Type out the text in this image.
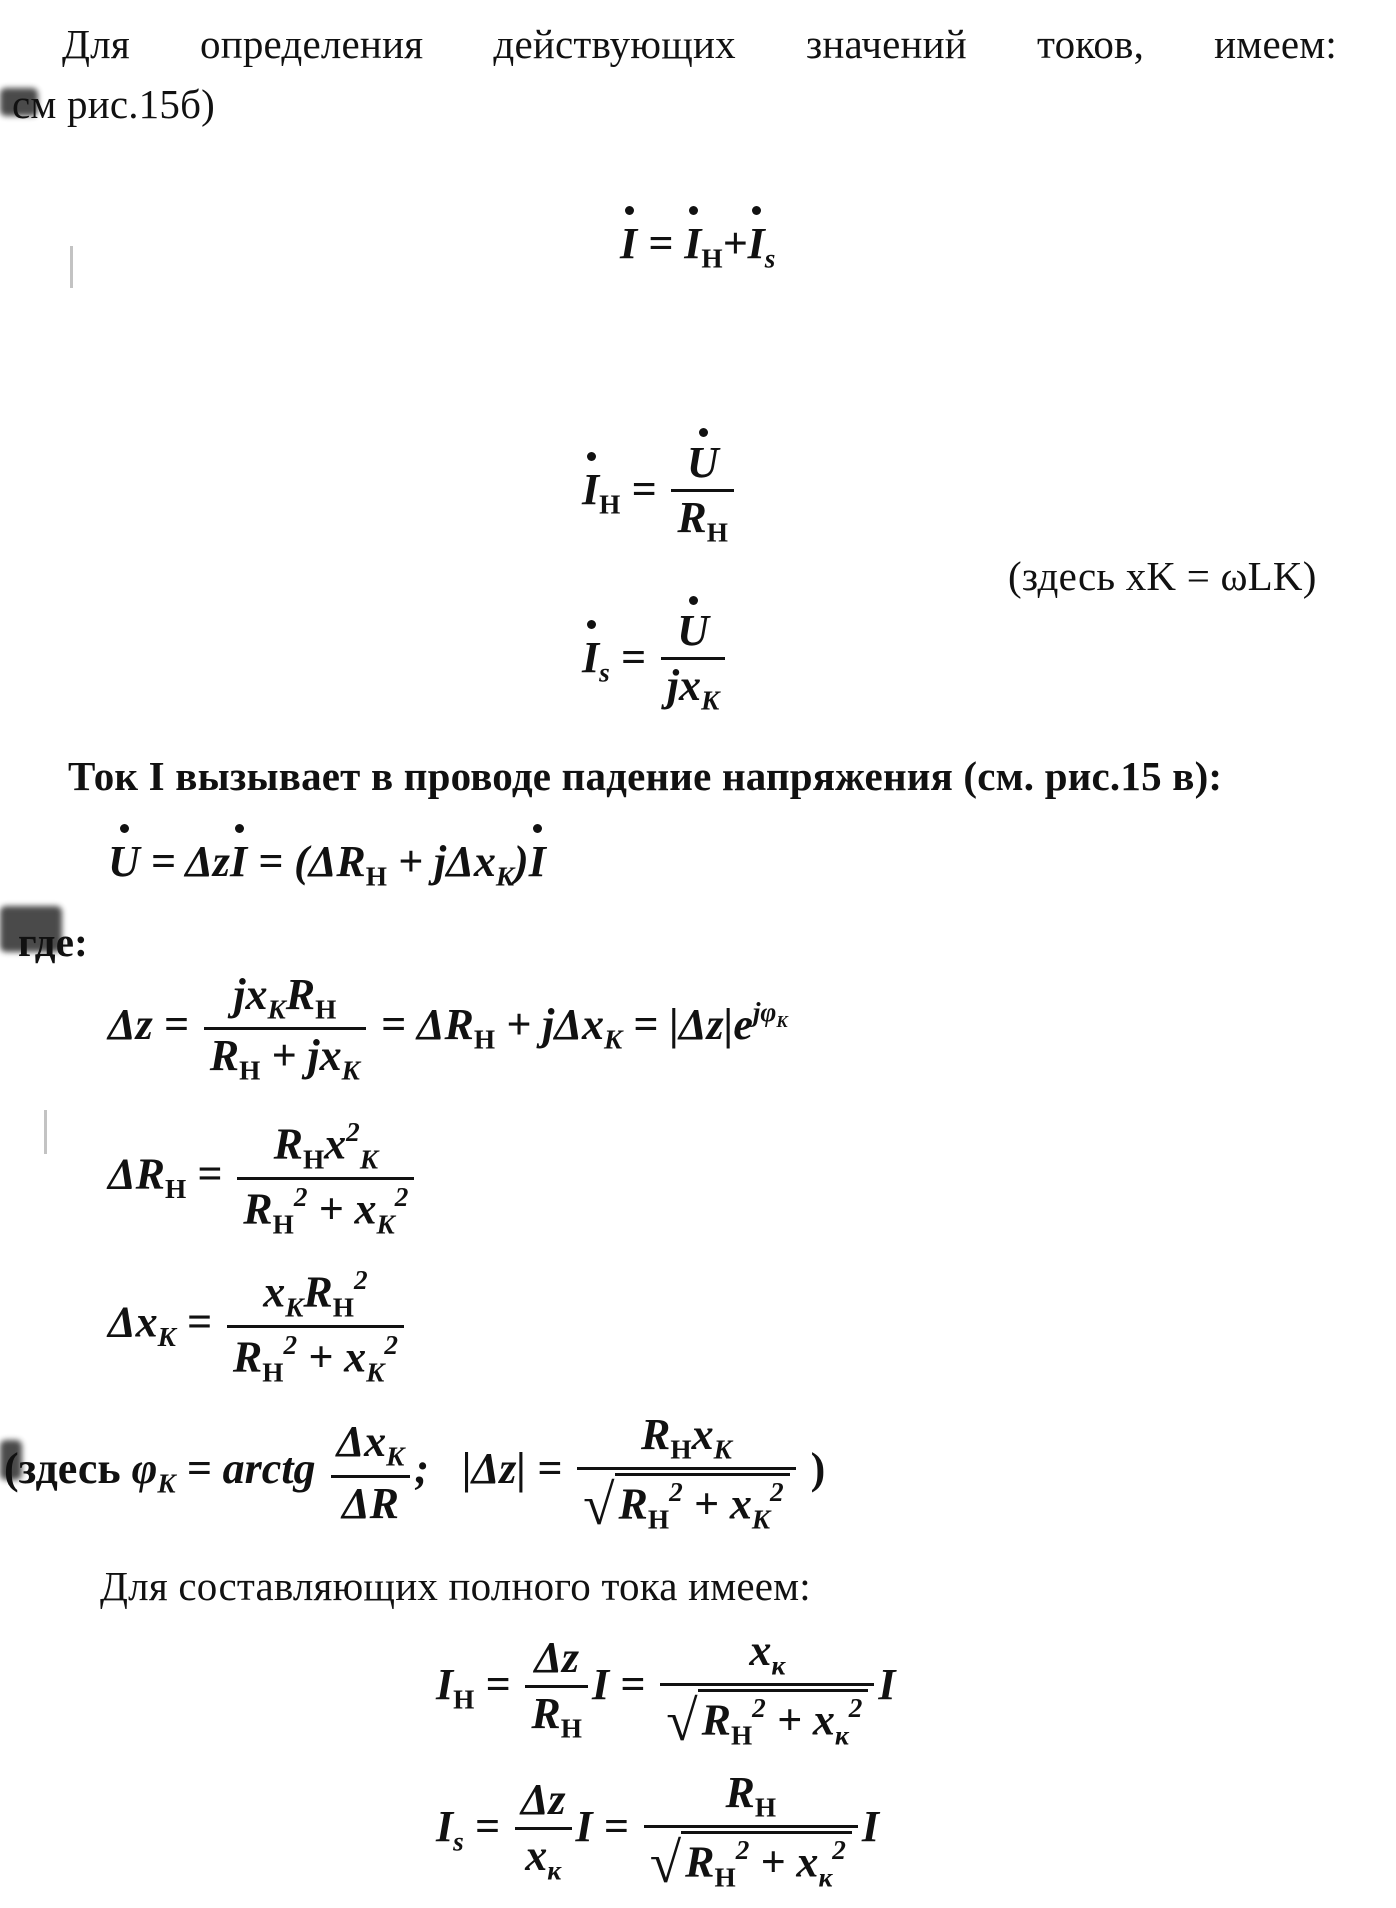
Для определения действующих значений токов, имеем:
см рис.15б)
$I = I_Н+I_s$
$I_Н = \frac{U}{R_Н}$
(здесь xK = ωLK)
$I_s = \frac{U}{jx_K}$
Ток I вызывает в проводе падение напряжения (см. рис.15 в):
$U = \Delta zI = (\Delta R_Н + j\Delta x_K)I$
где:
$\Delta z = \frac{jx_KR_Н}{R_Н + jx_K} = \Delta R_Н + j\Delta x_K = |\Delta z|e^{j\varphi_K}$
$\Delta R_Н = \frac{R_Нx^2_K}{R_Н^2 + x_K^2}$
$\Delta x_K = \frac{x_KR_Н^2}{R_Н^2 + x_K^2}$
(здесь $\varphi_K$ = arctg $\frac{\Delta x_K}{\Delta R}$ ;   $|\Delta z| = \frac{R_Нx_K}{√ R_Н^2 + x_K^2}$ )
Для составляющих полного тока имеем:
$I_Н = \frac{\Delta z}{R_Н}$ $I = \frac{x_к}{√ R_Н^2 + x_к^2}$ I
$I_s = \frac{\Delta z}{x_к}$ $I = \frac{R_Н}{√ R_Н^2 + x_к^2}$ I
